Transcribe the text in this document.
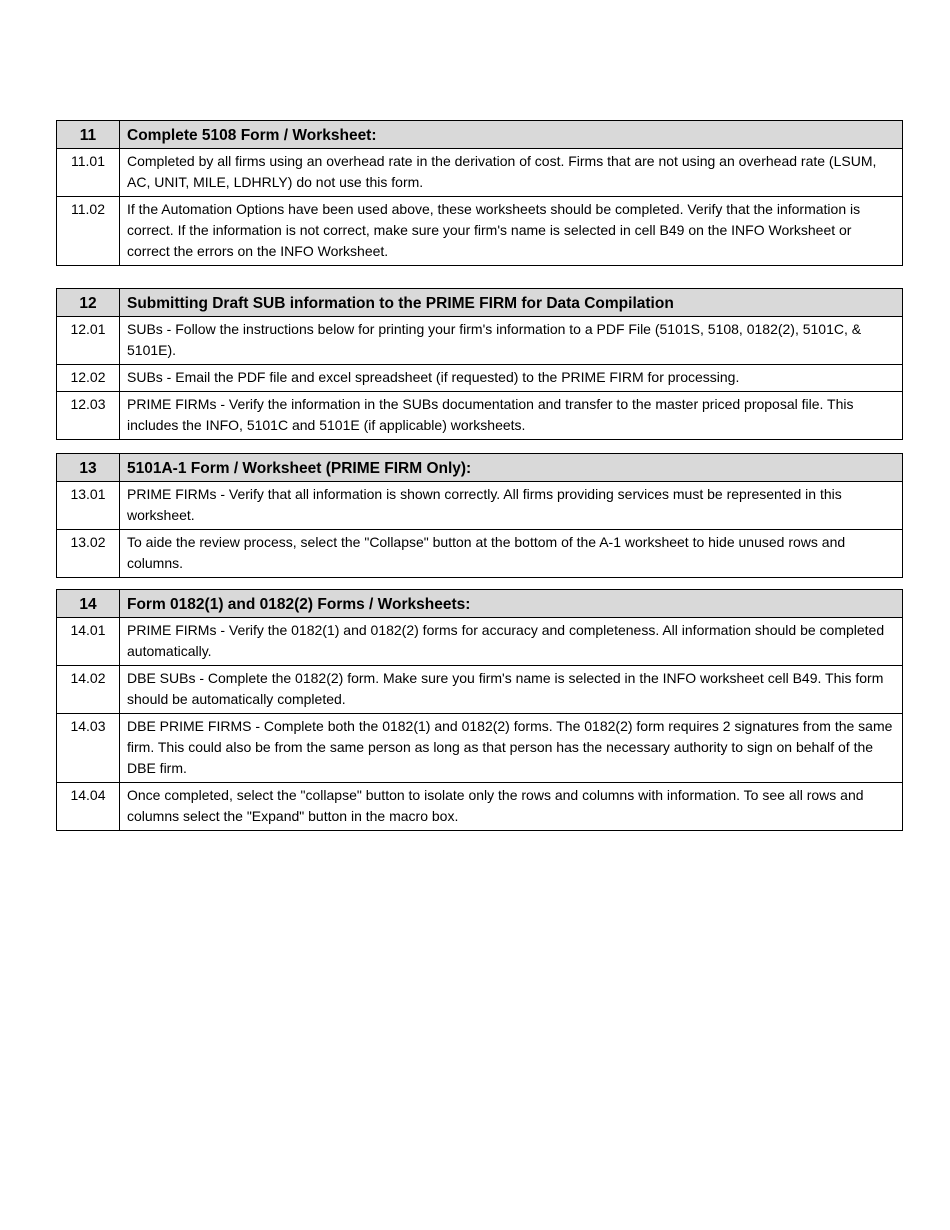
11	Complete 5108 Form / Worksheet:
11.01	Completed by all firms using an overhead rate in the derivation of cost. Firms that are not using an overhead rate (LSUM, AC, UNIT, MILE, LDHRLY) do not use this form.
11.02	If the Automation Options have been used above, these worksheets should be completed. Verify that the information is correct. If the information is not correct, make sure your firm's name is selected in cell B49 on the INFO Worksheet or correct the errors on the INFO Worksheet.
12	Submitting Draft SUB information to the PRIME FIRM for Data Compilation
12.01	SUBs - Follow the instructions below for printing your firm's information to a PDF File (5101S, 5108, 0182(2), 5101C, & 5101E).
12.02	SUBs - Email the PDF file and excel spreadsheet (if requested) to the PRIME FIRM for processing.
12.03	PRIME FIRMs - Verify the information in the SUBs documentation and transfer to the master priced proposal file. This includes the INFO, 5101C and 5101E (if applicable) worksheets.
13	5101A-1 Form / Worksheet (PRIME FIRM Only):
13.01	PRIME FIRMs - Verify that all information is shown correctly. All firms providing services must be represented in this worksheet.
13.02	To aide the review process, select the "Collapse" button at the bottom of the A-1 worksheet to hide unused rows and columns.
14	Form 0182(1) and 0182(2) Forms / Worksheets:
14.01	PRIME FIRMs - Verify the 0182(1) and 0182(2) forms for accuracy and completeness. All information should be completed automatically.
14.02	DBE SUBs - Complete the 0182(2) form. Make sure you firm's name is selected in the INFO worksheet cell B49. This form should be automatically completed.
14.03	DBE PRIME FIRMS - Complete both the 0182(1) and 0182(2) forms. The 0182(2) form requires 2 signatures from the same firm. This could also be from the same person as long as that person has the necessary authority to sign on behalf of the DBE firm.
14.04	Once completed, select the "collapse" button to isolate only the rows and columns with information. To see all rows and columns select the "Expand" button in the macro box.
